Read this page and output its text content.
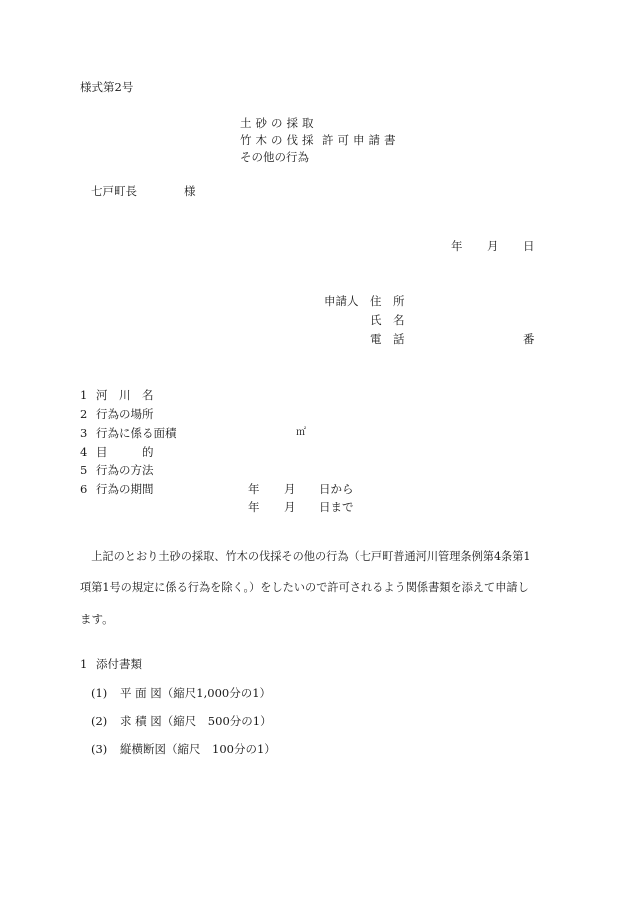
様式第2号
土砂の採取
竹木の伐採 許可申請書
その他の行為
七戸町長	様
年 月 日
申請人 住　所
氏　名
電　話	番
1 河　川　名
2 行為の場所
3 行為に係る面積	㎡
4 目　　　的
5 行為の方法
6 行為の期間	年 月 日から
年 月 日まで
　上記のとおり土砂の採取、竹木の伐採その他の行為（七戸町普通河川管理条例第4条第1
項第1号の規定に係る行為を除く。）をしたいので許可されるよう関係書類を添えて申請し
ます。
1 添付書類
(1) 平 面 図（縮尺1,000分の1）
(2) 求 積 図（縮尺　500分の1）
(3) 縦横断図（縮尺　100分の1）
